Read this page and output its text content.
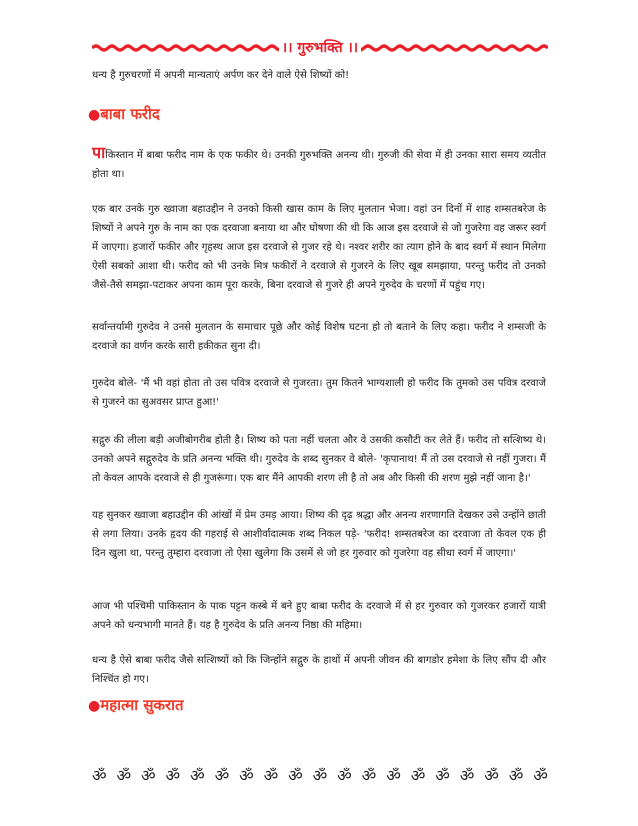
।। गुरुभक्ति ।।

धन्य है गुरुचरणों में अपनी मान्यताएं अर्पण कर देने वाले ऐसे शिष्यों को!

●बाबा फरीद

पाकिस्तान में बाबा फरीद नाम के एक फकीर थे। उनकी गुरुभक्ति अनन्य थी। गुरुजी की सेवा में ही उनका सारा समय व्यतीत होता था।

एक बार उनके गुरु ख्वाजा बहाउद्दीन ने उनको किसी खास काम के लिए मुलतान भेजा। वहां उन दिनों में शाह शम्सतबरेज के शिष्यों ने अपने गुरु के नाम का एक दरवाजा बनाया था और घोषणा की थी कि आज इस दरवाजे से जो गुजरेगा वह जरूर स्वर्ग में जाएगा। हजारों फकीर और गृहस्थ आज इस दरवाजे से गुजर रहे थे। नश्वर शरीर का त्याग होने के बाद स्वर्ग में स्थान मिलेगा ऐसी सबको आशा थी। फरीद को भी उनके मित्र फकीरों ने दरवाजे से गुजरने के लिए खूब समझाया, परन्तु फरीद तो उनको जैसे-तैसे समझा-पटाकर अपना काम पूरा करके, बिना दरवाजे से गुजरे ही अपने गुरुदेव के चरणों में पहुंच गए।

सर्वान्तर्यामी गुरुदेव ने उनसे मुलतान के समाचार पूछे और कोई विशेष घटना हो तो बताने के लिए कहा। फरीद ने शम्सजी के दरवाजे का वर्णन करके सारी हकीकत सुना दी।

गुरुदेव बोले- 'मैं भी वहां होता तो उस पवित्र दरवाजे से गुजरता। तुम कितने भाग्यशाली हो फरीद कि तुमको उस पवित्र दरवाजे से गुजरने का सुअवसर प्राप्त हुआ!'

सद्गुरु की लीला बड़ी अजीबोगरीब होती है। शिष्य को पता नहीं चलता और वे उसकी कसौटी कर लेते हैं। फरीद तो सत्शिष्य थे। उनको अपने सद्गुरुदेव के प्रति अनन्य भक्ति थी। गुरुदेव के शब्द सुनकर वे बोले- 'कृपानाथ! मैं तो उस दरवाजे से नहीं गुजरा। मैं तो केवल आपके दरवाजे से ही गुजरूंगा। एक बार मैंने आपकी शरण ली है तो अब और किसी की शरण मुझे नहीं जाना है।'

यह सुनकर ख्वाजा बहाउद्दीन की आंखों में प्रेम उमड़ आया। शिष्य की दृढ़ श्रद्धा और अनन्य शरणागति देखकर उसे उन्होंने छाती से लगा लिया। उनके हृदय की गहराई से आशीर्वादात्मक शब्द निकल पड़े- 'फरीद! शम्सतबरेज का दरवाजा तो केवल एक ही दिन खुला था, परन्तु तुम्हारा दरवाजा तो ऐसा खुलेगा कि उसमें से जो हर गुरुवार को गुजरेगा वह सीधा स्वर्ग में जाएगा।'

आज भी पश्चिमी पाकिस्तान के पाक पट्टन कस्बे में बने हुए बाबा फरीद के दरवाजे में से हर गुरुवार को गुजरकर हजारों यात्री अपने को धन्यभागी मानते हैं। यह है गुरुदेव के प्रति अनन्य निष्ठा की महिमा।

धन्य है ऐसे बाबा फरीद जैसे सत्शिष्यों को कि जिन्होंने सद्गुरु के हाथों में अपनी जीवन की बागडोर हमेशा के लिए सौंप दी और निश्चिंत हो गए।

●महात्मा सुकरात
ॐ ॐ ॐ ॐ ॐ ॐ ॐ ॐ ॐ ॐ ॐ ॐ ॐ ॐ ॐ ॐ ॐ ॐ ॐ
